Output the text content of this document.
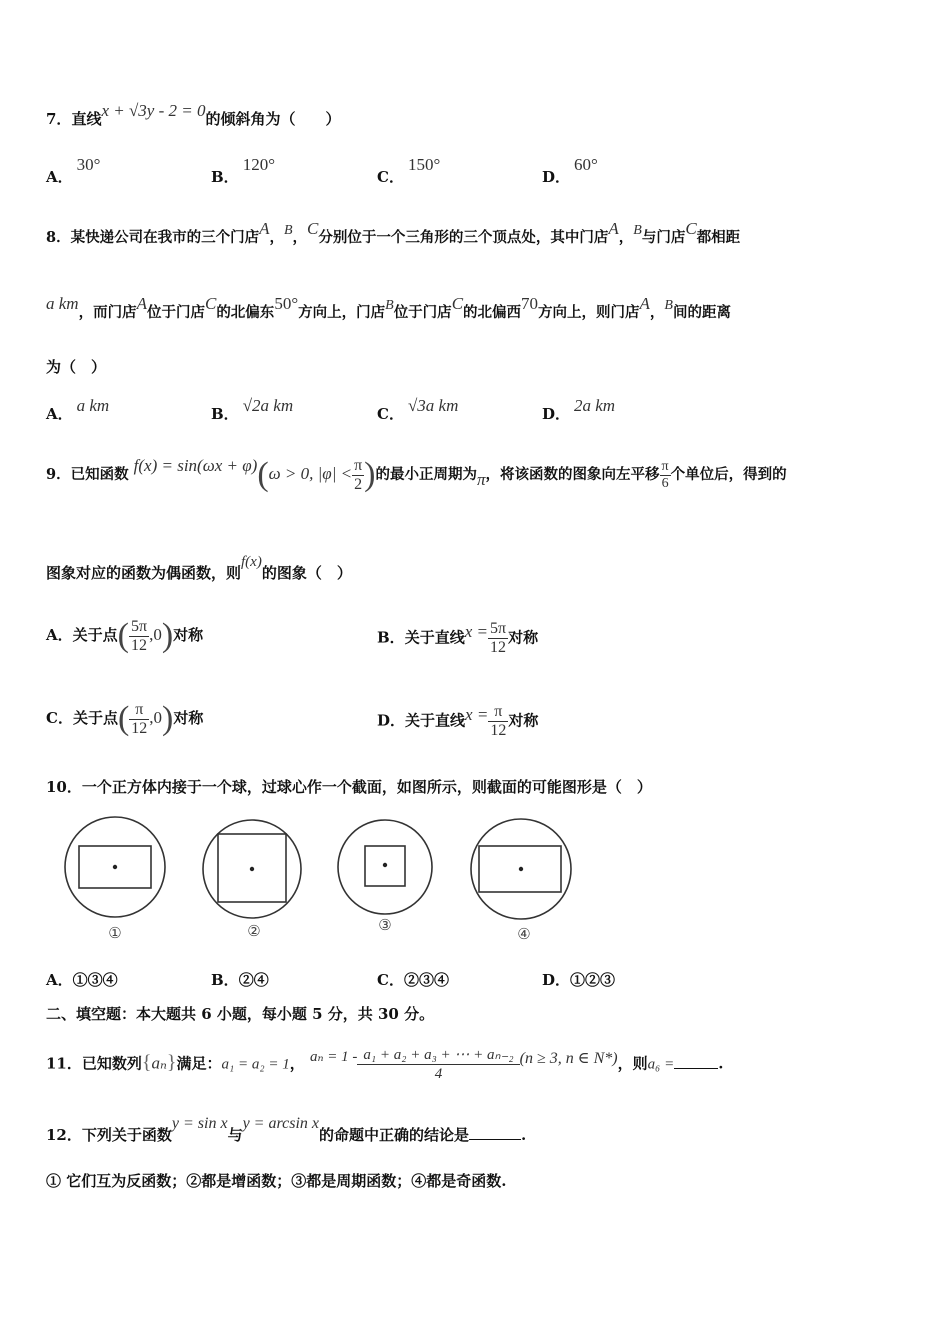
7．直线x + √3y - 2 = 0的倾斜角为（　　）
A．30°
B．120°
C．150°
D．60°
8．某快递公司在我市的三个门店A，B，C分别位于一个三角形的三个顶点处，其中门店A，B与门店C都相距
a km，而门店A位于门店C的北偏东50°方向上，门店B位于门店C的北偏西70方向上，则门店A，B间的距离
为（　）
A． a km	B． √2a km	C． √3a km	D． 2a km
9．已知函数 f(x) = sin(ωx + φ)(ω > 0, $|\varphi| < \frac{\pi}{2}$ )的最小正周期为π，将该函数的图象向左平移 $\frac{\pi}{6}$ 个单位后，得到的
图象对应的函数为偶函数，则f(x)的图象（　）
A．关于点( $\frac{5\pi}{12} ,0$)对称	B．关于直线$x = \frac{5\pi}{12}$ 对称
C．关于点( $\frac{\pi}{12} ,0$)对称	D．关于直线$x = \frac{\pi}{12}$ 对称
10．一个正方体内接于一个球，过球心作一个截面，如图所示，则截面的可能图形是（　）
①	②	③
④
A．①③④	B．②④	C．②③④	D．①②③
二、填空题：本大题共 6 小题，每小题 5 分，共 30 分。
11．已知数列{aₙ}满足：a₁ = a₂ = 1， $a_n = 1 - \frac{\text{a₁ + a₂ + a₃ + ⋯ + aₙ₋₂}}{4} (n \ge 3$, n ∈ N*)，则a₆ =	.
12．下列关于函数y = sin x与y = arcsin x的命题中正确的结论是	.
① 它们互为反函数；②都是增函数；③都是周期函数；④都是奇函数.
